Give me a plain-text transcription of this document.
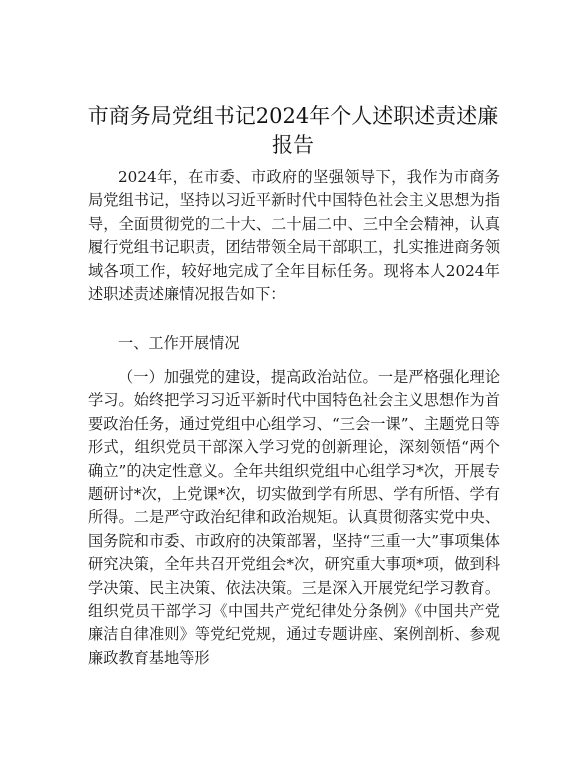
市商务局党组书记2024年个人述职述责述廉报告

2024年，在市委、市政府的坚强领导下，我作为市商务局党组书记，坚持以习近平新时代中国特色社会主义思想为指导，全面贯彻党的二十大、二十届二中、三中全会精神，认真履行党组书记职责，团结带领全局干部职工，扎实推进商务领域各项工作，较好地完成了全年目标任务。现将本人2024年述职述责述廉情况报告如下：

一、工作开展情况

（一）加强党的建设，提高政治站位。一是严格强化理论学习。始终把学习习近平新时代中国特色社会主义思想作为首要政治任务，通过党组中心组学习、“三会一课”、主题党日等形式，组织党员干部深入学习党的创新理论，深刻领悟“两个确立”的决定性意义。全年共组织党组中心组学习*次，开展专题研讨*次，上党课*次，切实做到学有所思、学有所悟、学有所得。二是严守政治纪律和政治规矩。认真贯彻落实党中央、国务院和市委、市政府的决策部署，坚持“三重一大”事项集体研究决策，全年共召开党组会*次，研究重大事项*项，做到科学决策、民主决策、依法决策。三是深入开展党纪学习教育。组织党员干部学习《中国共产党纪律处分条例》《中国共产党廉洁自律准则》等党纪党规，通过专题讲座、案例剖析、参观廉政教育基地等形
